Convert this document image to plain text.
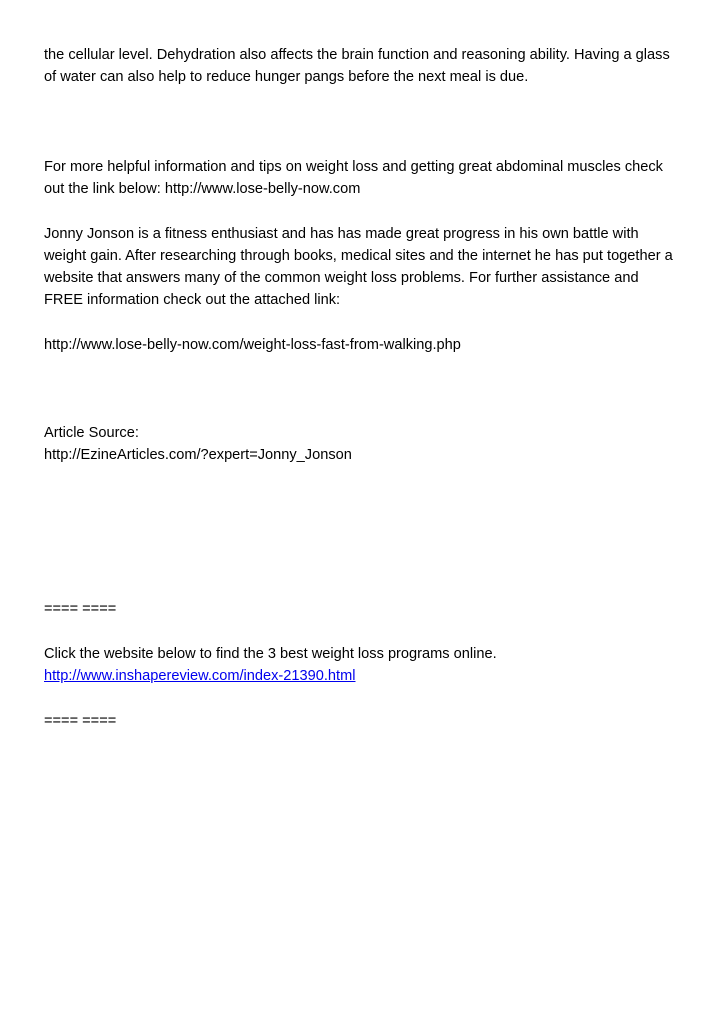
the cellular level. Dehydration also affects the brain function and reasoning ability. Having a glass
of water can also help to reduce hunger pangs before the next meal is due.
For more helpful information and tips on weight loss and getting great abdominal muscles check
out the link below: http://www.lose-belly-now.com
Jonny Jonson is a fitness enthusiast and has has made great progress in his own battle with
weight gain. After researching through books, medical sites and the internet he has put together a
website that answers many of the common weight loss problems. For further assistance and
FREE information check out the attached link:
http://www.lose-belly-now.com/weight-loss-fast-from-walking.php
Article Source:
http://EzineArticles.com/?expert=Jonny_Jonson
==== ====
Click the website below to find the 3 best weight loss programs online.
http://www.inshapereview.com/index-21390.html
==== ====
